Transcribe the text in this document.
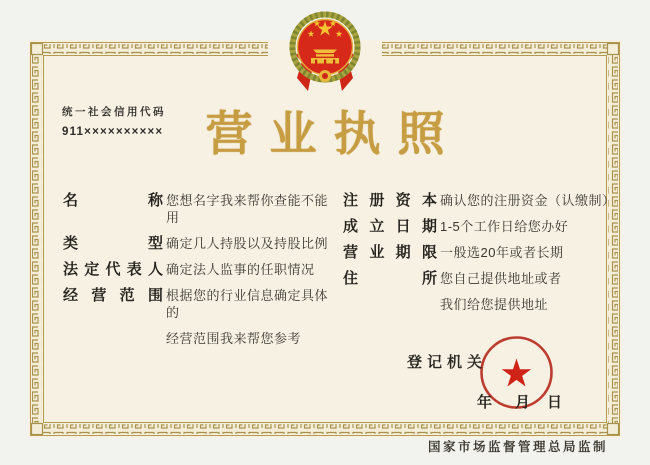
统一社会信用代码
911×××××××××× 营业执照
名	称 您想名字我来帮你查能不能用
类	型 确定几人持股以及持股比例
法 定 代 表 人 确定法人监事的任职情况
经 营 范 围 根据您的行业信息确定具体的
经营范围我来帮您参考
注 册 资 本 确认您的注册资金（认缴制）
成 立 日 期 1-5个工作日给您办好
营 业 期 限 一般选20年或者长期
住	所 您自己提供地址或者
我们给您提供地址
登记机关
年 月 日
国家市场监督管理总局监制
